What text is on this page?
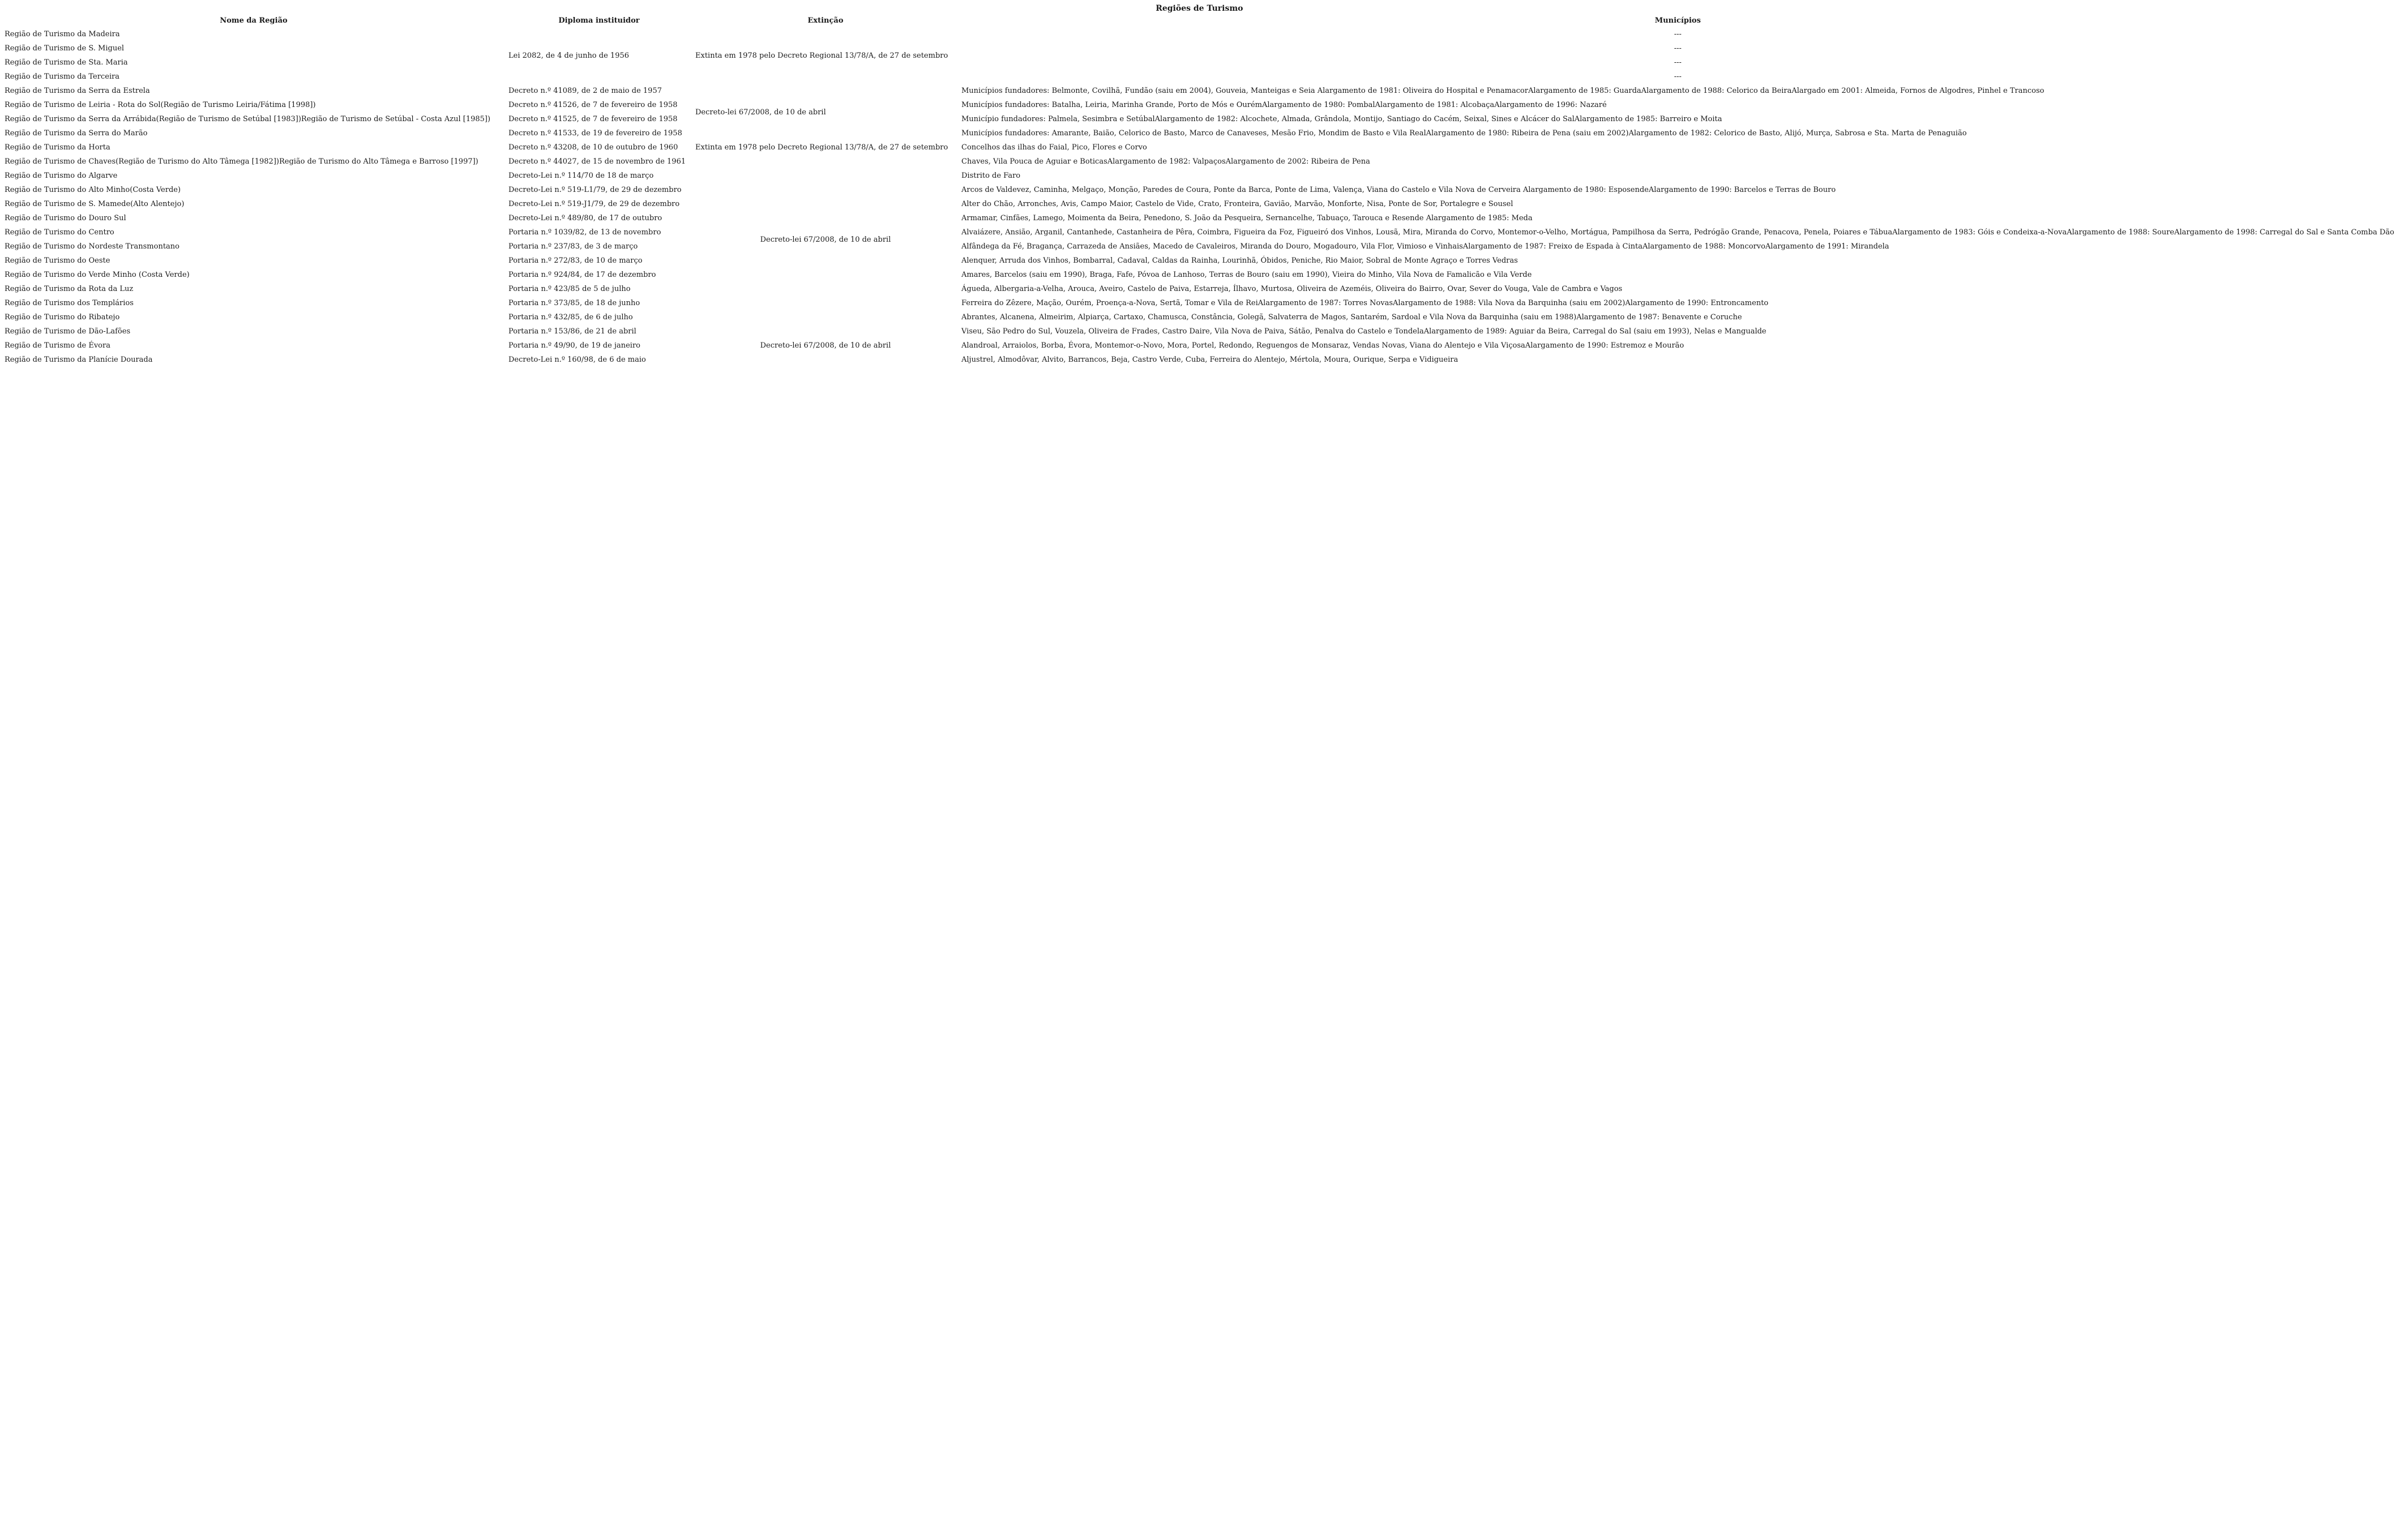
Regiões de Turismo
Nome da Região	Diploma instituidor	Extinção	Municípios
Região de Turismo da Madeira	Lei 2082, de 4 de junho de 1956	Extinta em 1978 pelo Decreto Regional 13/78/A, de 27 de setembro	---
Região de Turismo de S. Miguel			---
Região de Turismo de Sta. Maria			---
Região de Turismo da Terceira			---
Região de Turismo da Serra da Estrela	Decreto n.º 41089, de 2 de maio de 1957	Decreto-lei 67/2008, de 10 de abril	Municípios fundadores: Belmonte, Covilhã, Fundão (saiu em 2004), Gouveia, Manteigas e Seia Alargamento de 1981: Oliveira do Hospital e PenamacorAlargamento de 1985: GuardaAlargamento de 1988: Celorico da BeiraAlargado em 2001: Almeida, Fornos de Algodres, Pinhel e Trancoso
Região de Turismo de Leiria - Rota do Sol(Região de Turismo Leiria/Fátima [1998])	Decreto n.º 41526, de 7 de fevereiro de 1958		Municípios fundadores: Batalha, Leiria, Marinha Grande, Porto de Mós e OurémAlargamento de 1980: PombalAlargamento de 1981: AlcobaçaAlargamento de 1996: Nazaré
Região de Turismo da Serra da Arrábida(Região de Turismo de Setúbal [1983])Região de Turismo de Setúbal - Costa Azul [1985])	Decreto n.º 41525, de 7 de fevereiro de 1958		Município fundadores: Palmela, Sesimbra e SetúbalAlargamento de 1982: Alcochete, Almada, Grândola, Montijo, Santiago do Cacém, Seixal, Sines e Alcácer do SalAlargamento de 1985: Barreiro e Moita
Região de Turismo da Serra do Marão	Decreto n.º 41533, de 19 de fevereiro de 1958		Municípios fundadores: Amarante, Baião, Celorico de Basto, Marco de Canaveses, Mesão Frio, Mondim de Basto e Vila RealAlargamento de 1980: Ribeira de Pena (saiu em 2002)Alargamento de 1982: Celorico de Basto, Alijó, Murça, Sabrosa e Sta. Marta de Penaguião
Região de Turismo da Horta	Decreto n.º 43208, de 10 de outubro de 1960	Extinta em 1978 pelo Decreto Regional 13/78/A, de 27 de setembro	Concelhos das ilhas do Faial, Pico, Flores e Corvo
Região de Turismo de Chaves(Região de Turismo do Alto Tâmega [1982])Região de Turismo do Alto Tâmega e Barroso [1997])	Decreto n.º 44027, de 15 de novembro de 1961	Decreto-lei 67/2008, de 10 de abril	Chaves, Vila Pouca de Aguiar e BoticasAlargamento de 1982: ValpaçosAlargamento de 2002: Ribeira de Pena
Região de Turismo do Algarve	Decreto-Lei n.º 114/70 de 18 de março		Distrito de Faro
Região de Turismo do Alto Minho(Costa Verde)	Decreto-Lei n.º 519-L1/79, de 29 de dezembro		Arcos de Valdevez, Caminha, Melgaço, Monção, Paredes de Coura, Ponte da Barca, Ponte de Lima, Valença, Viana do Castelo e Vila Nova de Cerveira Alargamento de 1980: EsposendeAlargamento de 1990: Barcelos e Terras de Bouro
Região de Turismo de S. Mamede(Alto Alentejo)	Decreto-Lei n.º 519-J1/79, de 29 de dezembro		Alter do Chão, Arronches, Avis, Campo Maior, Castelo de Vide, Crato, Fronteira, Gavião, Marvão, Monforte, Nisa, Ponte de Sor, Portalegre e Sousel
Região de Turismo do Douro Sul	Decreto-Lei n.º 489/80, de 17 de outubro		Armamar, Cinfães, Lamego, Moimenta da Beira, Penedono, S. João da Pesqueira, Sernancelhe, Tabuaço, Tarouca e Resende Alargamento de 1985: Meda
Região de Turismo do Centro	Portaria n.º 1039/82, de 13 de novembro		Alvaiázere, Ansião, Arganil, Cantanhede, Castanheira de Pêra, Coimbra, Figueira da Foz, Figueiró dos Vinhos, Lousã, Mira, Miranda do Corvo, Montemor-o-Velho, Mortágua, Pampilhosa da Serra, Pedrógão Grande, Penacova, Penela, Poiares e TábuaAlargamento de 1983: Góis e Condeixa-a-NovaAlargamento de 1988: SoureAlargamento de 1998: Carregal do Sal e Santa Comba Dão
Região de Turismo do Nordeste Transmontano	Portaria n.º 237/83, de 3 de março		Alfândega da Fé, Bragança, Carrazeda de Ansiães, Macedo de Cavaleiros, Miranda do Douro, Mogadouro, Vila Flor, Vimioso e VinhaisAlargamento de 1987: Freixo de Espada à CintaAlargamento de 1988: MoncorvoAlargamento de 1991: Mirandela
Região de Turismo do Oeste	Portaria n.º 272/83, de 10 de março		Alenquer, Arruda dos Vinhos, Bombarral, Cadaval, Caldas da Rainha, Lourinhã, Óbidos, Peniche, Rio Maior, Sobral de Monte Agraço e Torres Vedras
Região de Turismo do Verde Minho (Costa Verde)	Portaria n.º 924/84, de 17 de dezembro		Amares, Barcelos (saiu em 1990), Braga, Fafe, Póvoa de Lanhoso, Terras de Bouro (saiu em 1990), Vieira do Minho, Vila Nova de Famalicão e Vila Verde
Região de Turismo da Rota da Luz	Portaria n.º 423/85 de 5 de julho		Águeda, Albergaria-a-Velha, Arouca, Aveiro, Castelo de Paiva, Estarreja, Ílhavo, Murtosa, Oliveira de Azeméis, Oliveira do Bairro, Ovar, Sever do Vouga, Vale de Cambra e Vagos
Região de Turismo dos Templários	Portaria n.º 373/85, de 18 de junho		Ferreira do Zêzere, Mação, Ourém, Proença-a-Nova, Sertã, Tomar e Vila de ReiAlargamento de 1987: Torres NovasAlargamento de 1988: Vila Nova da Barquinha (saiu em 2002)Alargamento de 1990: Entroncamento
Região de Turismo do Ribatejo	Portaria n.º 432/85, de 6 de julho		Abrantes, Alcanena, Almeirim, Alpiarça, Cartaxo, Chamusca, Constância, Golegã, Salvaterra de Magos, Santarém, Sardoal e Vila Nova da Barquinha (saiu em 1988)Alargamento de 1987: Benavente e Coruche
Região de Turismo de Dão-Lafões	Portaria n.º 153/86, de 21 de abril	Decreto-lei 67/2008, de 10 de abril	Viseu, São Pedro do Sul, Vouzela, Oliveira de Frades, Castro Daire, Vila Nova de Paiva, Sátão, Penalva do Castelo e TondelaAlargamento de 1989: Aguiar da Beira, Carregal do Sal (saiu em 1993), Nelas e Mangualde
Região de Turismo de Évora	Portaria n.º 49/90, de 19 de janeiro		Alandroal, Arraiolos, Borba, Évora, Montemor-o-Novo, Mora, Portel, Redondo, Reguengos de Monsaraz, Vendas Novas, Viana do Alentejo e Vila ViçosaAlargamento de 1990: Estremoz e Mourão
Região de Turismo da Planície Dourada	Decreto-Lei n.º 160/98, de 6 de maio		Aljustrel, Almodôvar, Alvito, Barrancos, Beja, Castro Verde, Cuba, Ferreira do Alentejo, Mértola, Moura, Ourique, Serpa e Vidigueira
